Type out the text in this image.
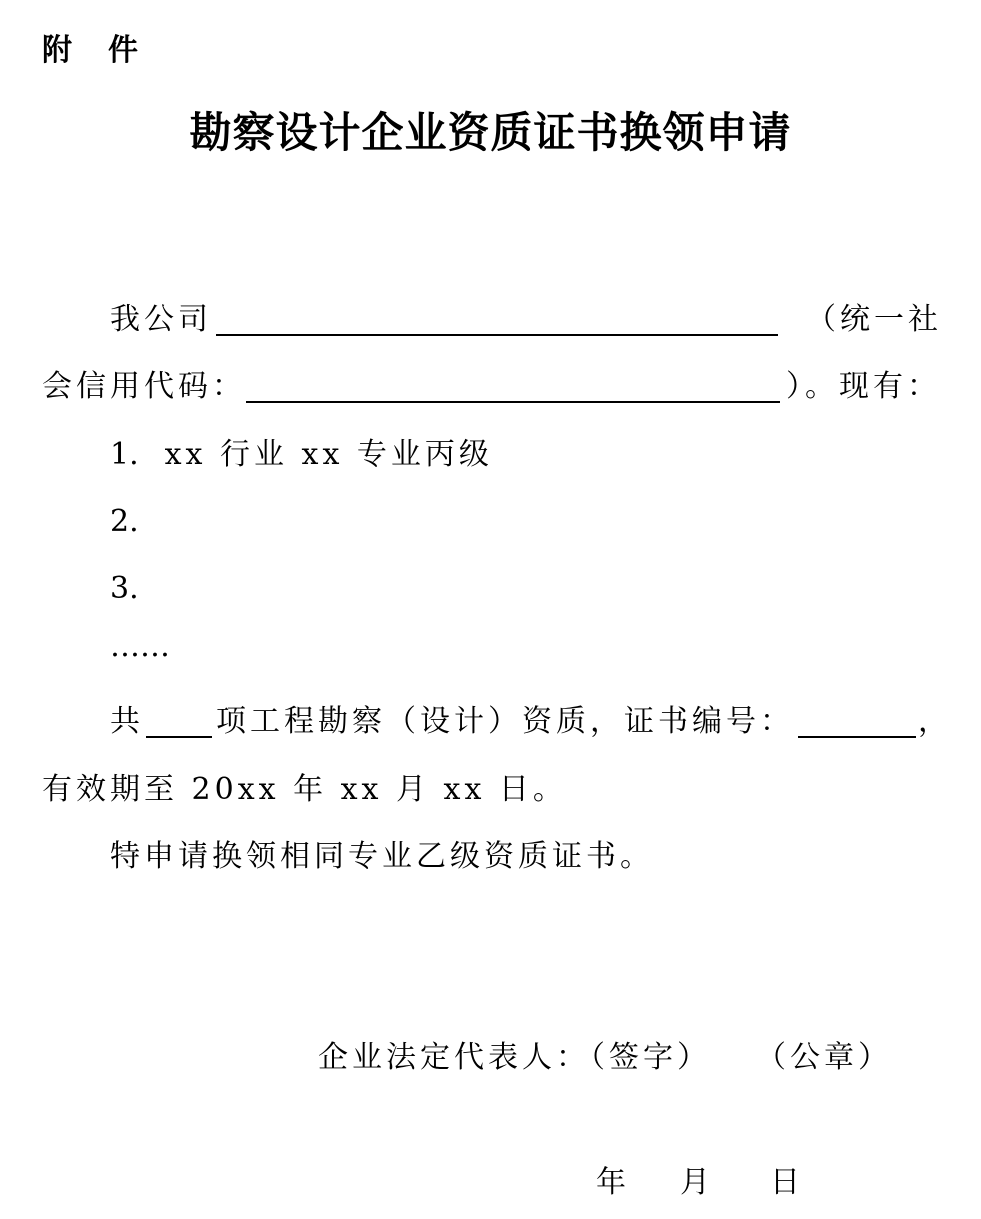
附 件
勘察设计企业资质证书换领申请
我公司	（统一社
会信用代码：	）。现有：
1. xx 行业 xx 专业丙级
2.
3.
……
共	项工程勘察（设计）资质，证书编号：	，
有效期至 20xx 年 xx 月 xx 日。
特申请换领相同专业乙级资质证书。
企业法定代表人：（签字） （公章）
年 月 日
